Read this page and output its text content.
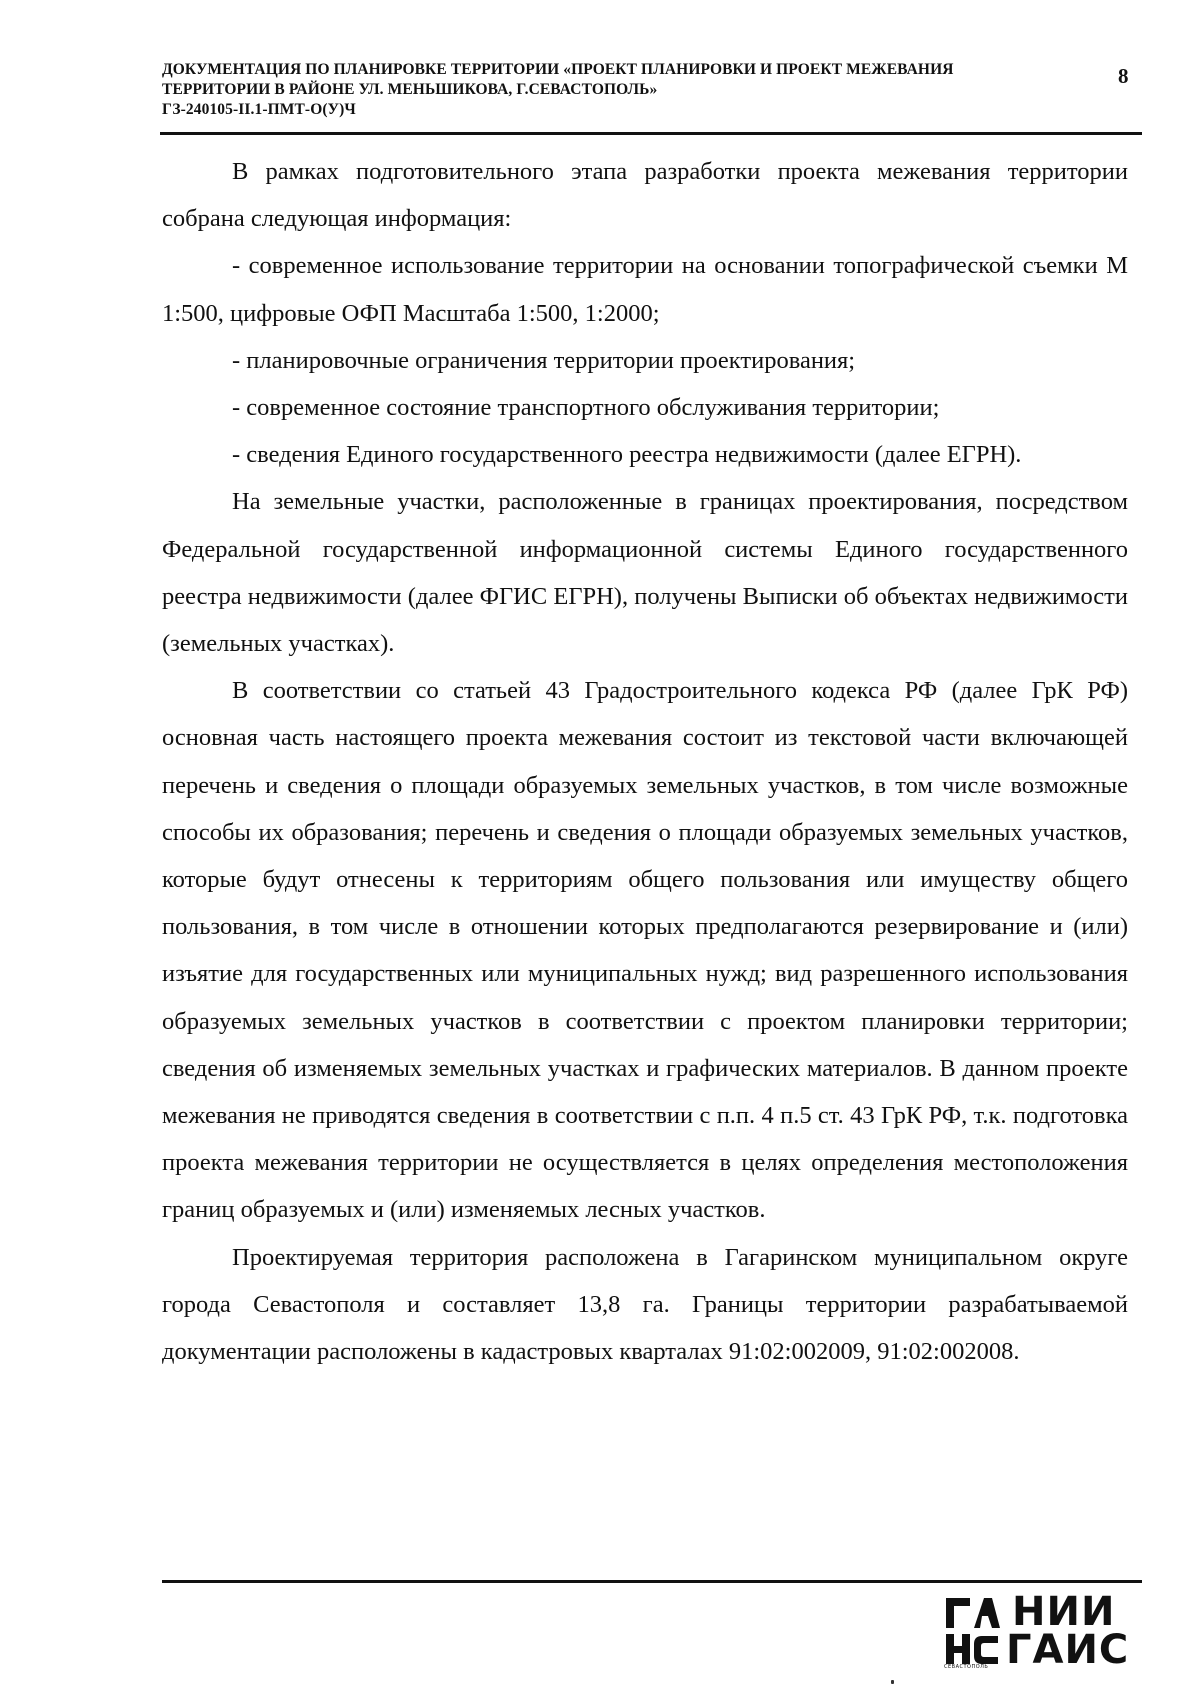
ДОКУМЕНТАЦИЯ ПО ПЛАНИРОВКЕ ТЕРРИТОРИИ «ПРОЕКТ ПЛАНИРОВКИ И ПРОЕКТ МЕЖЕВАНИЯ
ТЕРРИТОРИИ В РАЙОНЕ УЛ. МЕНЬШИКОВА, Г.СЕВАСТОПОЛЬ»
ГЗ-240105-II.1-ПМТ-О(У)Ч
8

В рамках подготовительного этапа разработки проекта межевания территории собрана следующая информация:

- современное использование территории на основании топографической съемки М 1:500, цифровые ОФП Масштаба 1:500, 1:2000;

- планировочные ограничения территории проектирования;

- современное состояние транспортного обслуживания территории;

- сведения Единого государственного реестра недвижимости (далее ЕГРН).

На земельные участки, расположенные в границах проектирования, посредством Федеральной государственной информационной системы Единого государственного реестра недвижимости (далее ФГИС ЕГРН), получены Выписки об объектах недвижимости (земельных участках).

В соответствии со статьей 43 Градостроительного кодекса РФ (далее ГрК РФ) основная часть настоящего проекта межевания состоит из текстовой части включающей перечень и сведения о площади образуемых земельных участков, в том числе возможные способы их образования; перечень и сведения о площади образуемых земельных участков, которые будут отнесены к территориям общего пользования или имуществу общего пользования, в том числе в отношении которых предполагаются резервирование и (или) изъятие для государственных или муниципальных нужд; вид разрешенного использования образуемых земельных участков в соответствии с проектом планировки территории; сведения об изменяемых земельных участках и графических материалов. В данном проекте межевания не приводятся сведения в соответствии с п.п. 4 п.5 ст. 43 ГрК РФ, т.к. подготовка проекта межевания территории не осуществляется в целях определения местоположения границ образуемых и (или) изменяемых лесных участков.

Проектируемая территория расположена в Гагаринском муниципальном округе города Севастополя и составляет 13,8 га. Границы территории разрабатываемой документации расположены в кадастровых кварталах 91:02:002009, 91:02:002008.

НИИ
ГАИС
СЕВАСТОПОЛЬ
